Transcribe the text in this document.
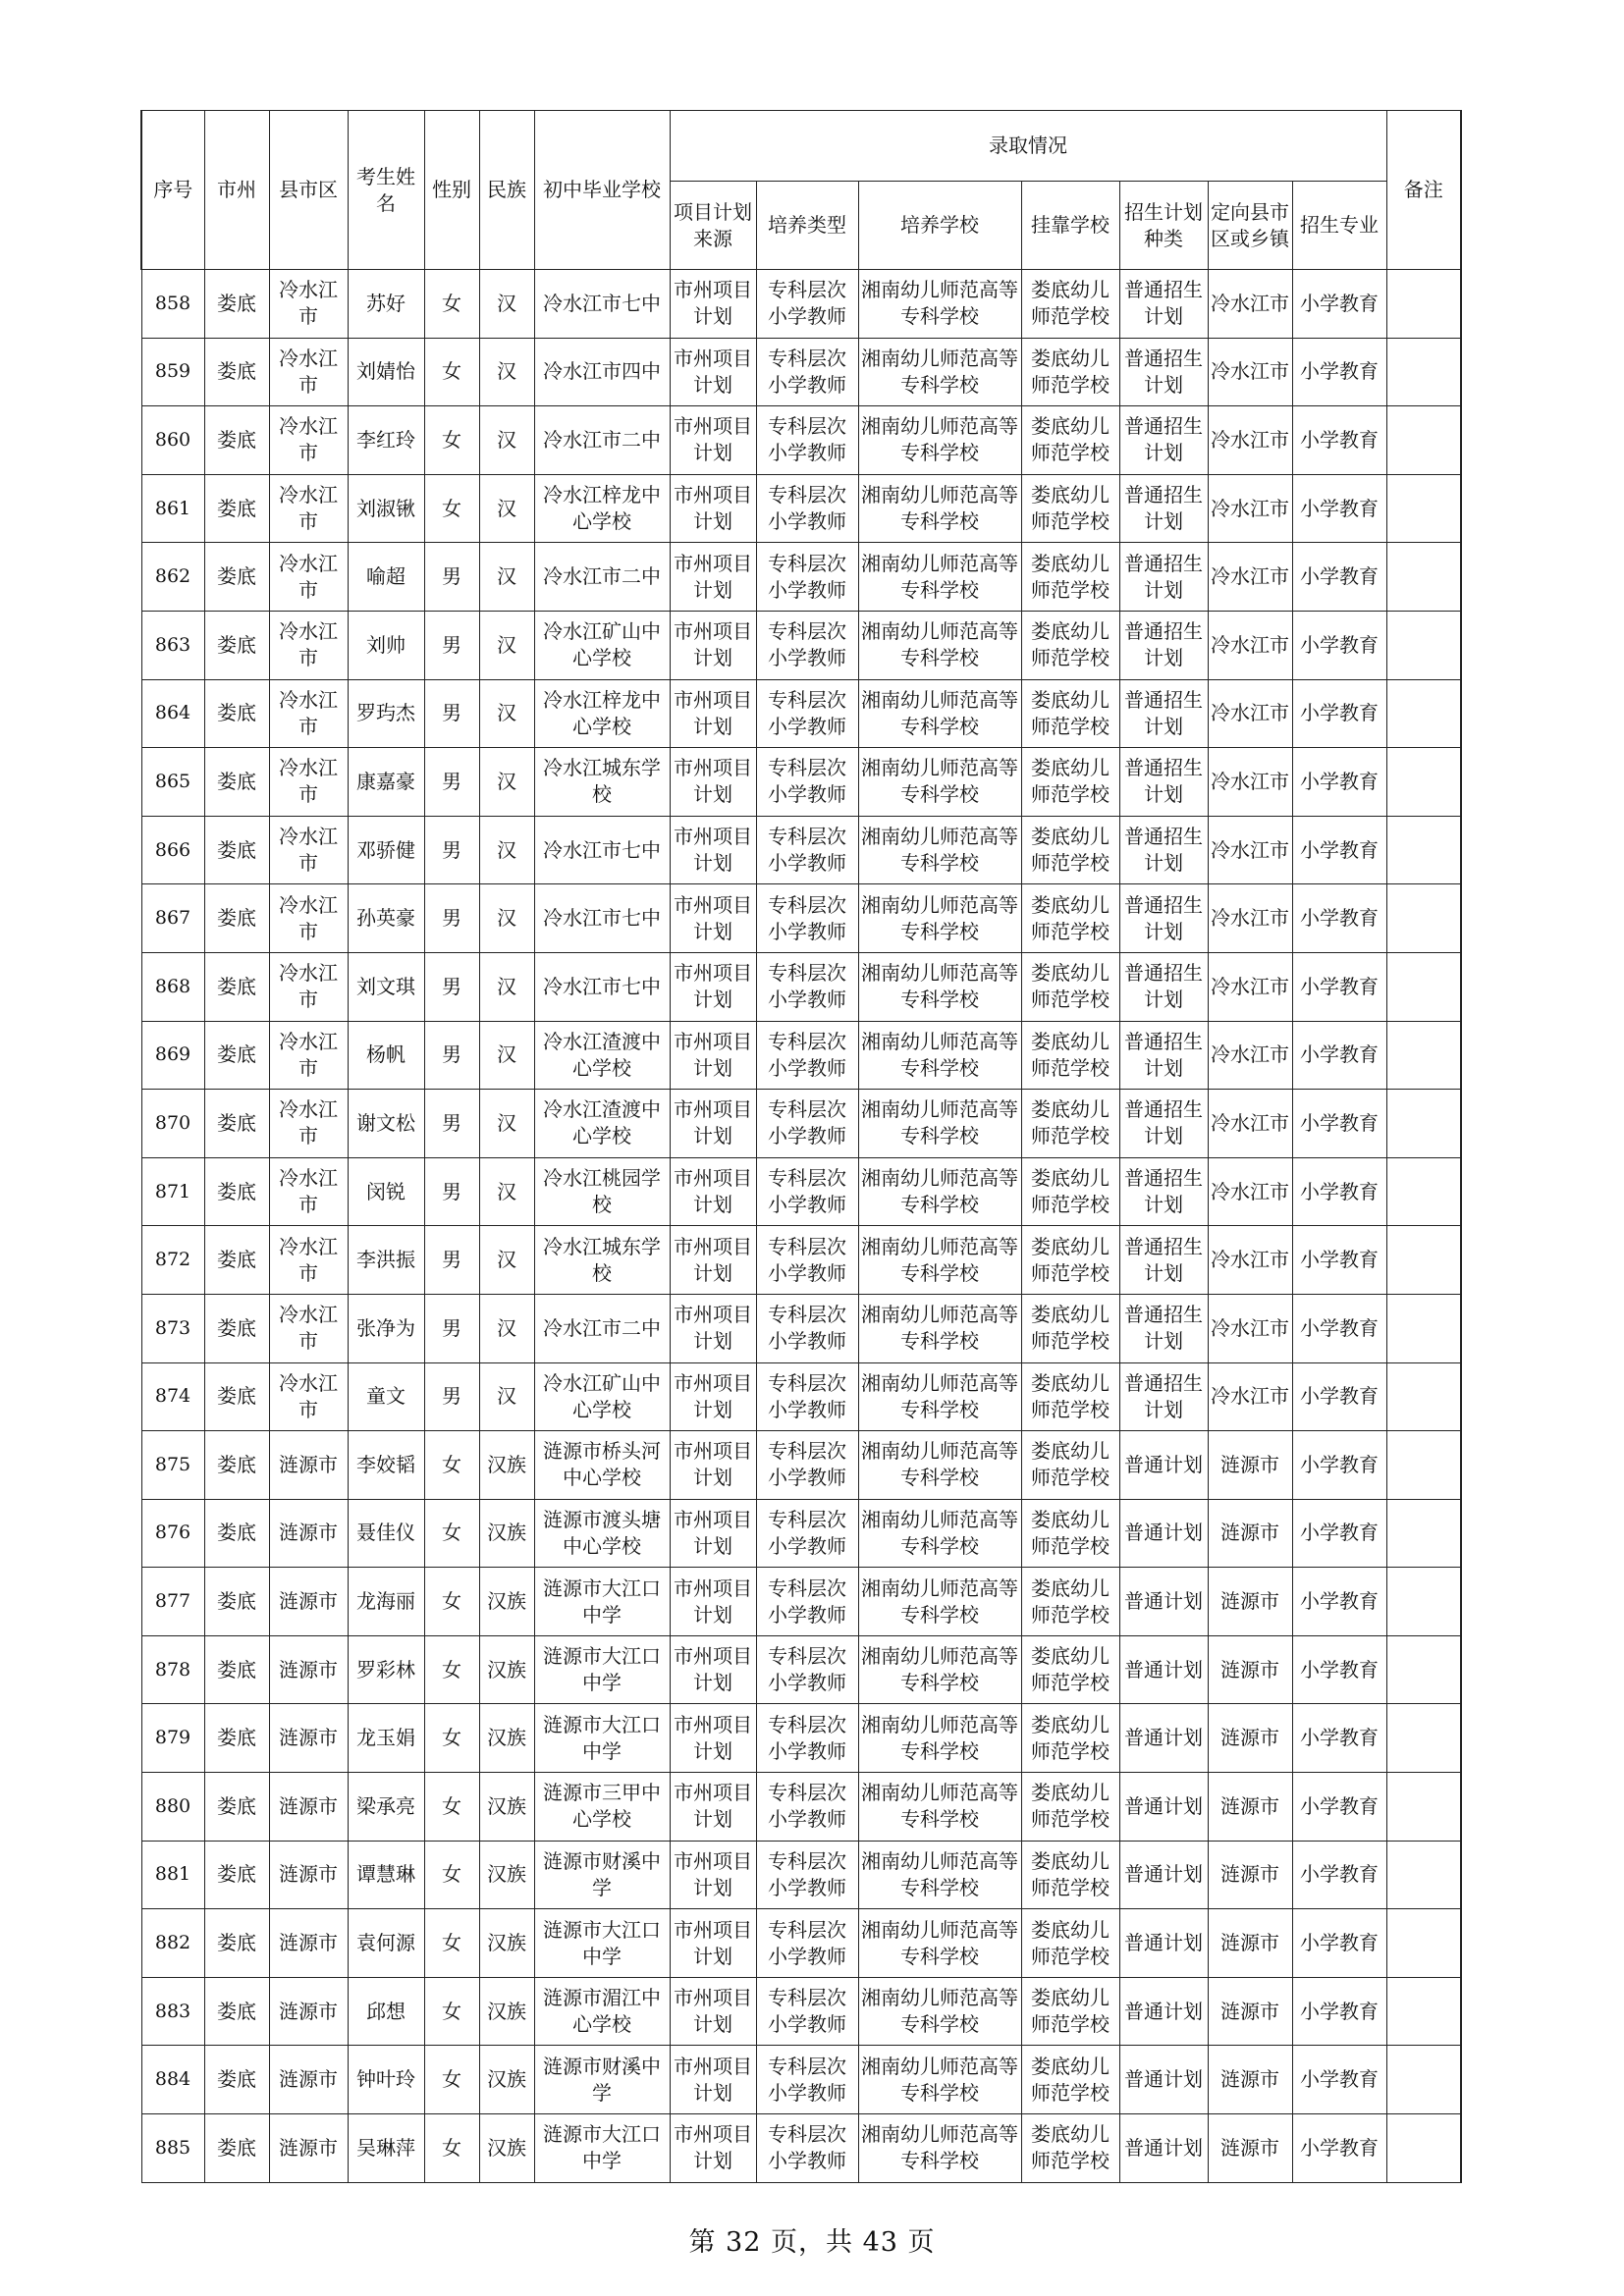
序号	市州	县市区	考生姓名	性别	民族	初中毕业学校	录取情况							备注
							项目计划来源	培养类型	培养学校	挂靠学校	招生计划种类	定向县市区或乡镇	招生专业	
858	娄底	冷水江市	苏好	女	汉	冷水江市七中	市州项目计划	专科层次小学教师	湘南幼儿师范高等专科学校	娄底幼儿师范学校	普通招生计划	冷水江市	小学教育	
859	娄底	冷水江市	刘婧怡	女	汉	冷水江市四中	市州项目计划	专科层次小学教师	湘南幼儿师范高等专科学校	娄底幼儿师范学校	普通招生计划	冷水江市	小学教育	
860	娄底	冷水江市	李红玲	女	汉	冷水江市二中	市州项目计划	专科层次小学教师	湘南幼儿师范高等专科学校	娄底幼儿师范学校	普通招生计划	冷水江市	小学教育	
861	娄底	冷水江市	刘淑锹	女	汉	冷水江梓龙中心学校	市州项目计划	专科层次小学教师	湘南幼儿师范高等专科学校	娄底幼儿师范学校	普通招生计划	冷水江市	小学教育	
862	娄底	冷水江市	喻超	男	汉	冷水江市二中	市州项目计划	专科层次小学教师	湘南幼儿师范高等专科学校	娄底幼儿师范学校	普通招生计划	冷水江市	小学教育	
863	娄底	冷水江市	刘帅	男	汉	冷水江矿山中心学校	市州项目计划	专科层次小学教师	湘南幼儿师范高等专科学校	娄底幼儿师范学校	普通招生计划	冷水江市	小学教育	
864	娄底	冷水江市	罗玙杰	男	汉	冷水江梓龙中心学校	市州项目计划	专科层次小学教师	湘南幼儿师范高等专科学校	娄底幼儿师范学校	普通招生计划	冷水江市	小学教育	
865	娄底	冷水江市	康嘉豪	男	汉	冷水江城东学校	市州项目计划	专科层次小学教师	湘南幼儿师范高等专科学校	娄底幼儿师范学校	普通招生计划	冷水江市	小学教育	
866	娄底	冷水江市	邓骄健	男	汉	冷水江市七中	市州项目计划	专科层次小学教师	湘南幼儿师范高等专科学校	娄底幼儿师范学校	普通招生计划	冷水江市	小学教育	
867	娄底	冷水江市	孙英豪	男	汉	冷水江市七中	市州项目计划	专科层次小学教师	湘南幼儿师范高等专科学校	娄底幼儿师范学校	普通招生计划	冷水江市	小学教育	
868	娄底	冷水江市	刘文琪	男	汉	冷水江市七中	市州项目计划	专科层次小学教师	湘南幼儿师范高等专科学校	娄底幼儿师范学校	普通招生计划	冷水江市	小学教育	
869	娄底	冷水江市	杨帆	男	汉	冷水江渣渡中心学校	市州项目计划	专科层次小学教师	湘南幼儿师范高等专科学校	娄底幼儿师范学校	普通招生计划	冷水江市	小学教育	
870	娄底	冷水江市	谢文松	男	汉	冷水江渣渡中心学校	市州项目计划	专科层次小学教师	湘南幼儿师范高等专科学校	娄底幼儿师范学校	普通招生计划	冷水江市	小学教育	
871	娄底	冷水江市	闵锐	男	汉	冷水江桃园学校	市州项目计划	专科层次小学教师	湘南幼儿师范高等专科学校	娄底幼儿师范学校	普通招生计划	冷水江市	小学教育	
872	娄底	冷水江市	李洪振	男	汉	冷水江城东学校	市州项目计划	专科层次小学教师	湘南幼儿师范高等专科学校	娄底幼儿师范学校	普通招生计划	冷水江市	小学教育	
873	娄底	冷水江市	张净为	男	汉	冷水江市二中	市州项目计划	专科层次小学教师	湘南幼儿师范高等专科学校	娄底幼儿师范学校	普通招生计划	冷水江市	小学教育	
874	娄底	冷水江市	童文	男	汉	冷水江矿山中心学校	市州项目计划	专科层次小学教师	湘南幼儿师范高等专科学校	娄底幼儿师范学校	普通招生计划	冷水江市	小学教育	
875	娄底	涟源市	李姣韬	女	汉族	涟源市桥头河中心学校	市州项目计划	专科层次小学教师	湘南幼儿师范高等专科学校	娄底幼儿师范学校	普通计划	涟源市	小学教育	
876	娄底	涟源市	聂佳仪	女	汉族	涟源市渡头塘中心学校	市州项目计划	专科层次小学教师	湘南幼儿师范高等专科学校	娄底幼儿师范学校	普通计划	涟源市	小学教育	
877	娄底	涟源市	龙海丽	女	汉族	涟源市大江口中学	市州项目计划	专科层次小学教师	湘南幼儿师范高等专科学校	娄底幼儿师范学校	普通计划	涟源市	小学教育	
878	娄底	涟源市	罗彩林	女	汉族	涟源市大江口中学	市州项目计划	专科层次小学教师	湘南幼儿师范高等专科学校	娄底幼儿师范学校	普通计划	涟源市	小学教育	
879	娄底	涟源市	龙玉娟	女	汉族	涟源市大江口中学	市州项目计划	专科层次小学教师	湘南幼儿师范高等专科学校	娄底幼儿师范学校	普通计划	涟源市	小学教育	
880	娄底	涟源市	梁承亮	女	汉族	涟源市三甲中心学校	市州项目计划	专科层次小学教师	湘南幼儿师范高等专科学校	娄底幼儿师范学校	普通计划	涟源市	小学教育	
881	娄底	涟源市	谭慧琳	女	汉族	涟源市财溪中学	市州项目计划	专科层次小学教师	湘南幼儿师范高等专科学校	娄底幼儿师范学校	普通计划	涟源市	小学教育	
882	娄底	涟源市	袁何源	女	汉族	涟源市大江口中学	市州项目计划	专科层次小学教师	湘南幼儿师范高等专科学校	娄底幼儿师范学校	普通计划	涟源市	小学教育	
883	娄底	涟源市	邱想	女	汉族	涟源市湄江中心学校	市州项目计划	专科层次小学教师	湘南幼儿师范高等专科学校	娄底幼儿师范学校	普通计划	涟源市	小学教育	
884	娄底	涟源市	钟叶玲	女	汉族	涟源市财溪中学	市州项目计划	专科层次小学教师	湘南幼儿师范高等专科学校	娄底幼儿师范学校	普通计划	涟源市	小学教育	
885	娄底	涟源市	吴琳萍	女	汉族	涟源市大江口中学	市州项目计划	专科层次小学教师	湘南幼儿师范高等专科学校	娄底幼儿师范学校	普通计划	涟源市	小学教育	
第 32 页，共 43 页
